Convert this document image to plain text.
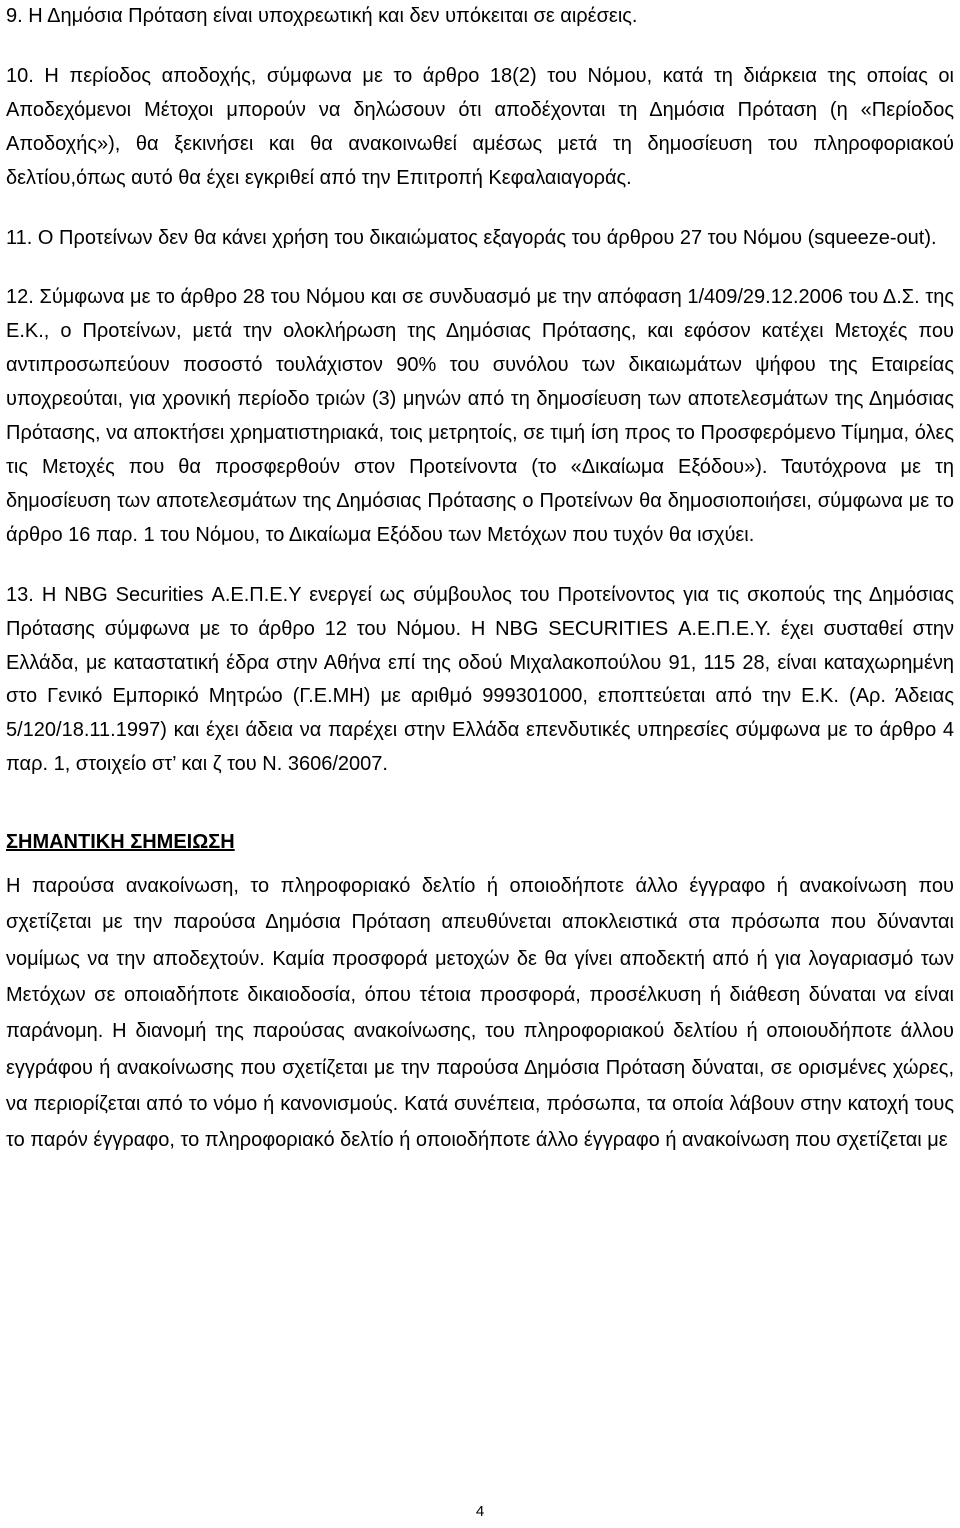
9. Η Δημόσια Πρόταση είναι υποχρεωτική και δεν υπόκειται σε αιρέσεις.

10. Η περίοδος αποδοχής, σύμφωνα με το άρθρο 18(2) του Νόμου, κατά τη διάρκεια της οποίας οι Αποδεχόμενοι Μέτοχοι μπορούν να δηλώσουν ότι αποδέχονται τη Δημόσια Πρόταση (η «Περίοδος Αποδοχής»), θα ξεκινήσει και θα ανακοινωθεί αμέσως μετά τη δημοσίευση του πληροφοριακού δελτίου,όπως αυτό θα έχει εγκριθεί από την Επιτροπή Κεφαλαιαγοράς.

11. Ο Προτείνων δεν θα κάνει χρήση του δικαιώματος εξαγοράς του άρθρου 27 του Νόμου (squeeze-out).

12. Σύμφωνα με το άρθρο 28 του Νόμου και σε συνδυασμό με την απόφαση 1/409/29.12.2006 του Δ.Σ. της Ε.Κ., ο Προτείνων, μετά την ολοκλήρωση της Δημόσιας Πρότασης, και εφόσον κατέχει Μετοχές που αντιπροσωπεύουν ποσοστό τουλάχιστον 90% του συνόλου των δικαιωμάτων ψήφου της Εταιρείας υποχρεούται, για χρονική περίοδο τριών (3) μηνών από τη δημοσίευση των αποτελεσμάτων της Δημόσιας Πρότασης, να αποκτήσει χρηματιστηριακά, τοις μετρητοίς, σε τιμή ίση προς το Προσφερόμενο Τίμημα, όλες τις Μετοχές που θα προσφερθούν στον Προτείνοντα (το «Δικαίωμα Εξόδου»). Ταυτόχρονα με τη δημοσίευση των αποτελεσμάτων της Δημόσιας Πρότασης ο Προτείνων θα δημοσιοποιήσει, σύμφωνα με το άρθρο 16 παρ. 1 του Νόμου, το Δικαίωμα Εξόδου των Μετόχων που τυχόν θα ισχύει.

13. Η NBG Securities Α.Ε.Π.Ε.Υ ενεργεί ως σύμβουλος του Προτείνοντος για τις σκοπούς της Δημόσιας Πρότασης σύμφωνα με το άρθρο 12 του Νόμου. Η NBG SECURITIES Α.Ε.Π.Ε.Υ. έχει συσταθεί στην Ελλάδα, με καταστατική έδρα στην Αθήνα επί της οδού Μιχαλακοπούλου 91, 115 28, είναι καταχωρημένη στο Γενικό Εμπορικό Μητρώο (Γ.Ε.ΜΗ) με αριθμό 999301000, εποπτεύεται από την Ε.Κ. (Αρ. Άδειας 5/120/18.11.1997) και έχει άδεια να παρέχει στην Ελλάδα επενδυτικές υπηρεσίες σύμφωνα με το άρθρο 4 παρ. 1, στοιχείο στ’ και ζ του Ν. 3606/2007.

ΣΗΜΑΝΤΙΚΗ ΣΗΜΕΙΩΣΗ

Η παρούσα ανακοίνωση, το πληροφοριακό δελτίο ή οποιοδήποτε άλλο έγγραφο ή ανακοίνωση που σχετίζεται με την παρούσα Δημόσια Πρόταση απευθύνεται αποκλειστικά στα πρόσωπα που δύνανται νομίμως να την αποδεχτούν. Καμία προσφορά μετοχών δε θα γίνει αποδεκτή από ή για λογαριασμό των Μετόχων σε οποιαδήποτε δικαιοδοσία, όπου τέτοια προσφορά, προσέλκυση ή διάθεση δύναται να είναι παράνομη. Η διανομή της παρούσας ανακοίνωσης, του πληροφοριακού δελτίου ή οποιουδήποτε άλλου εγγράφου ή ανακοίνωσης που σχετίζεται με την παρούσα Δημόσια Πρόταση δύναται, σε ορισμένες χώρες, να περιορίζεται από το νόμο ή κανονισμούς. Κατά συνέπεια, πρόσωπα, τα οποία λάβουν στην κατοχή τους το παρόν έγγραφο, το πληροφοριακό δελτίο ή οποιοδήποτε άλλο έγγραφο ή ανακοίνωση που σχετίζεται με

4
